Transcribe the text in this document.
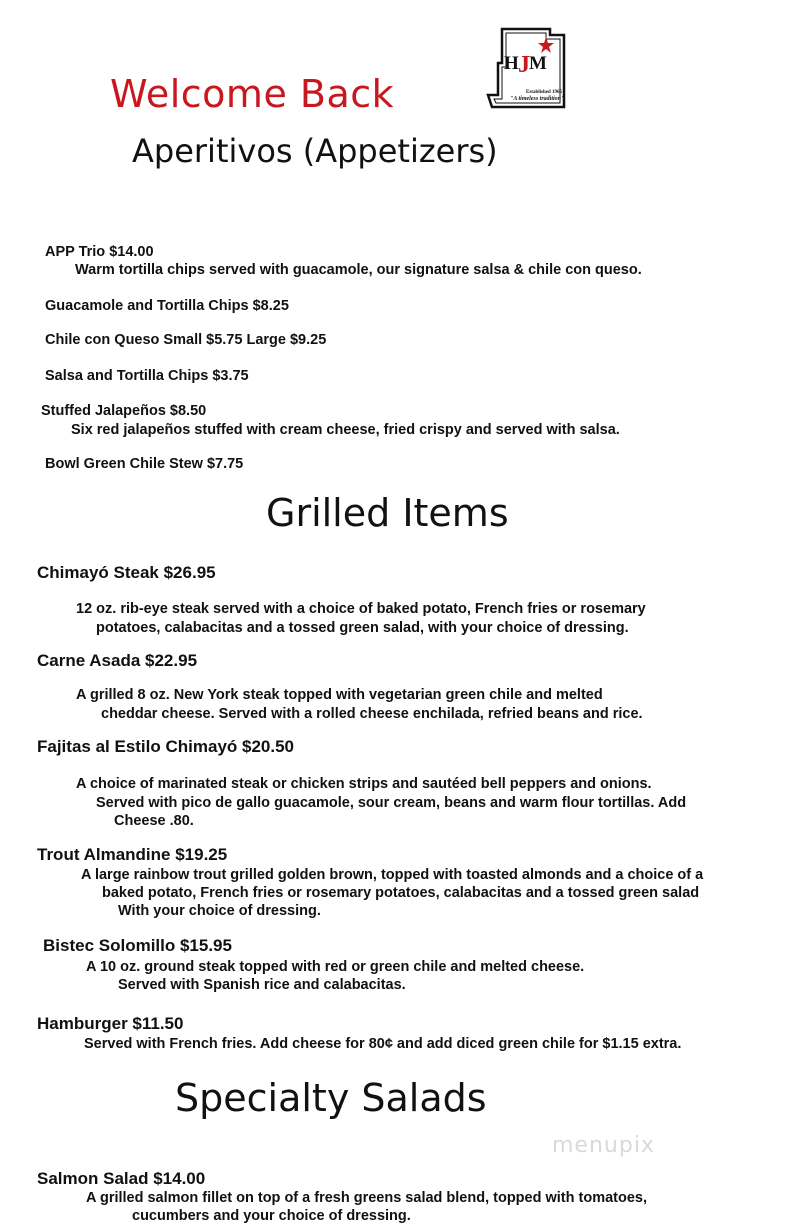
Welcome Back
H J M
Established 1965
"A timeless tradition"
Aperitivos (Appetizers)
APP Trio $14.00
Warm tortilla chips served with guacamole, our signature salsa & chile con queso.
Guacamole and Tortilla Chips $8.25
Chile con Queso Small $5.75 Large $9.25
Salsa and Tortilla Chips $3.75
Stuffed Jalapeños $8.50
Six red jalapeños stuffed with cream cheese, fried crispy and served with salsa.
Bowl Green Chile Stew $7.75
Grilled Items
Chimayó Steak $26.95
12 oz. rib-eye steak served with a choice of baked potato, French fries or rosemary
potatoes, calabacitas and a tossed green salad, with your choice of dressing.
Carne Asada $22.95
A grilled 8 oz. New York steak topped with vegetarian green chile and melted
cheddar cheese. Served with a rolled cheese enchilada, refried beans and rice.
Fajitas al Estilo Chimayó $20.50
A choice of marinated steak or chicken strips and sautéed bell peppers and onions.
Served with pico de gallo guacamole, sour cream, beans and warm flour tortillas. Add
Cheese .80.
Trout Almandine $19.25
A large rainbow trout grilled golden brown, topped with toasted almonds and a choice of a
baked potato, French fries or rosemary potatoes, calabacitas and a tossed green salad
With your choice of dressing.
Bistec Solomillo $15.95
A 10 oz. ground steak topped with red or green chile and melted cheese.
Served with Spanish rice and calabacitas.
Hamburger $11.50
Served with French fries. Add cheese for 80¢ and add diced green chile for $1.15 extra.
Specialty Salads
menupix
Salmon Salad $14.00
A grilled salmon fillet on top of a fresh greens salad blend, topped with tomatoes,
cucumbers and your choice of dressing.
